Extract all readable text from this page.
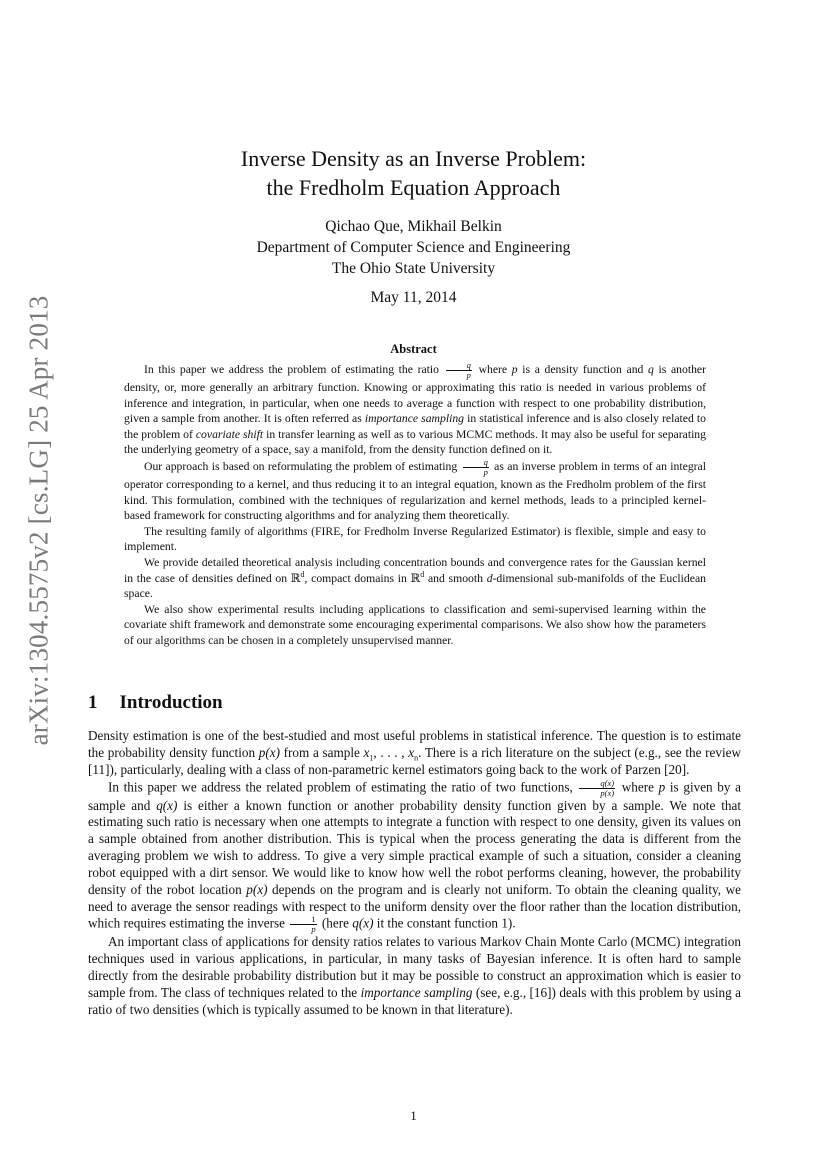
arXiv:1304.5575v2 [cs.LG] 25 Apr 2013
Inverse Density as an Inverse Problem:
the Fredholm Equation Approach
Qichao Que, Mikhail Belkin
Department of Computer Science and Engineering
The Ohio State University
May 11, 2014
Abstract

In this paper we address the problem of estimating the ratio $\frac{q}{p}$ where p is a density function and q is another density, or, more generally an arbitrary function. Knowing or approximating this ratio is needed in various problems of inference and integration, in particular, when one needs to average a function with respect to one probability distribution, given a sample from another. It is often referred as importance sampling in statistical inference and is also closely related to the problem of covariate shift in transfer learning as well as to various MCMC methods. It may also be useful for separating the underlying geometry of a space, say a manifold, from the density function defined on it.

Our approach is based on reformulating the problem of estimating $\frac{q}{p}$ as an inverse problem in terms of an integral operator corresponding to a kernel, and thus reducing it to an integral equation, known as the Fredholm problem of the first kind. This formulation, combined with the techniques of regularization and kernel methods, leads to a principled kernel-based framework for constructing algorithms and for analyzing them theoretically.

The resulting family of algorithms (FIRE, for Fredholm Inverse Regularized Estimator) is flexible, simple and easy to implement.

We provide detailed theoretical analysis including concentration bounds and convergence rates for the Gaussian kernel in the case of densities defined on ℝ$^d$, compact domains in ℝ$^d$ and smooth d-dimensional sub-manifolds of the Euclidean space.

We also show experimental results including applications to classification and semi-supervised learning within the covariate shift framework and demonstrate some encouraging experimental comparisons. We also show how the parameters of our algorithms can be chosen in a completely unsupervised manner.

1 Introduction

Density estimation is one of the best-studied and most useful problems in statistical inference. The question is to estimate the probability density function p(x) from a sample $x_1$, . . . , $x_n$. There is a rich literature on the subject (e.g., see the review [11]), particularly, dealing with a class of non-parametric kernel estimators going back to the work of Parzen [20].

In this paper we address the related problem of estimating the ratio of two functions, $\frac{q(x)}{p(x)}$ where p is given by a sample and q(x) is either a known function or another probability density function given by a sample. We note that estimating such ratio is necessary when one attempts to integrate a function with respect to one density, given its values on a sample obtained from another distribution. This is typical when the process generating the data is different from the averaging problem we wish to address. To give a very simple practical example of such a situation, consider a cleaning robot equipped with a dirt sensor. We would like to know how well the robot performs cleaning, however, the probability density of the robot location p(x) depends on the program and is clearly not uniform. To obtain the cleaning quality, we need to average the sensor readings with respect to the uniform density over the floor rather than the location distribution, which requires estimating the inverse $\frac{1}{p}$ (here q(x) it the constant function 1).

An important class of applications for density ratios relates to various Markov Chain Monte Carlo (MCMC) integration techniques used in various applications, in particular, in many tasks of Bayesian inference. It is often hard to sample directly from the desirable probability distribution but it may be possible to construct an approximation which is easier to sample from. The class of techniques related to the importance sampling (see, e.g., [16]) deals with this problem by using a ratio of two densities (which is typically assumed to be known in that literature).

1
